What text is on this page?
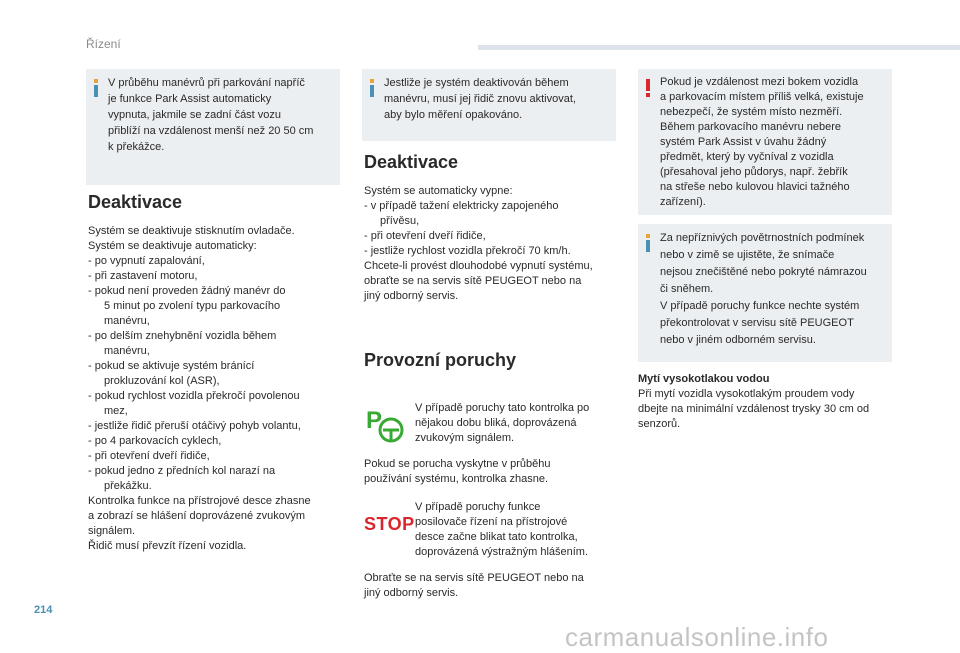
Řízení
V průběhu manévrů při parkování napříč
je funkce Park Assist automaticky
vypnuta, jakmile se zadní část vozu
přiblíží na vzdálenost menší než 20 50 cm
k překážce.
Deaktivace
Systém se deaktivuje stisknutím ovladače.
Systém se deaktivuje automaticky:
- po vypnutí zapalování,
- při zastavení motoru,
- pokud není proveden žádný manévr do
5 minut po zvolení typu parkovacího
manévru,
- po delším znehybnění vozidla během
manévru,
- pokud se aktivuje systém bránící
prokluzování kol (ASR),
- pokud rychlost vozidla překročí povolenou
mez,
- jestliže řidič přeruší otáčivý pohyb volantu,
- po 4 parkovacích cyklech,
- při otevření dveří řidiče,
- pokud jedno z předních kol narazí na
překážku.
Kontrolka funkce na přístrojové desce zhasne
a zobrazí se hlášení doprovázené zvukovým
signálem.
Řidič musí převzít řízení vozidla.
Jestliže je systém deaktivován během
manévru, musí jej řidič znovu aktivovat,
aby bylo měření opakováno.
Deaktivace
Systém se automaticky vypne:
- v případě tažení elektricky zapojeného
přívěsu,
- při otevření dveří řidiče,
- jestliže rychlost vozidla překročí 70 km/h.
Chcete-li provést dlouhodobé vypnutí systému,
obraťte se na servis sítě PEUGEOT nebo na
jiný odborný servis.
Provozní poruchy
P	V případě poruchy tato kontrolka po
nějakou dobu bliká, doprovázená
zvukovým signálem.
Pokud se porucha vyskytne v průběhu
používání systému, kontrolka zhasne.
STOP
V případě poruchy funkce
posilovače řízení na přístrojové
desce začne blikat tato kontrolka,
doprovázená výstražným hlášením.
Obraťte se na servis sítě PEUGEOT nebo na
jiný odborný servis.
Pokud je vzdálenost mezi bokem vozidla
a parkovacím místem příliš velká, existuje
nebezpečí, že systém místo nezměří.
Během parkovacího manévru nebere
systém Park Assist v úvahu žádný
předmět, který by vyčníval z vozidla
(přesahoval jeho půdorys, např. žebřík
na střeše nebo kulovou hlavici tažného
zařízení).
Za nepříznivých povětrnostních podmínek
nebo v zimě se ujistěte, že snímače
nejsou znečištěné nebo pokryté námrazou
či sněhem.
V případě poruchy funkce nechte systém
překontrolovat v servisu sítě PEUGEOT
nebo v jiném odborném servisu.
Mytí vysokotlakou vodou
Při mytí vozidla vysokotlakým proudem vody
dbejte na minimální vzdálenost trysky 30 cm od
senzorů.
214
carmanualsonline.info
